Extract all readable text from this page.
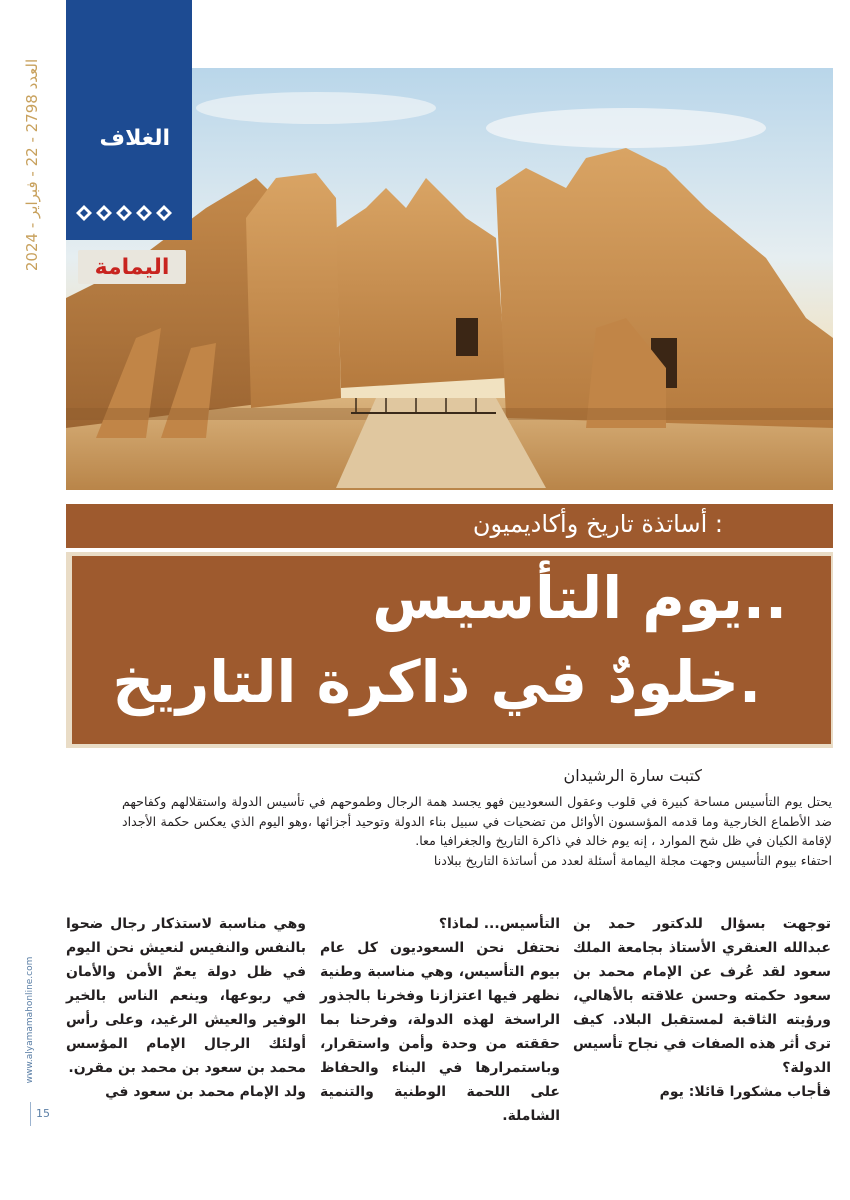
العدد 2798 - 22 - فبراير - 2024
www.alyamamahonline.com
15
الغلاف
اليمامة
أساتذة تاريخ وأكاديميون :
يوم التأسيس..
خلودٌ في ذاكرة التاريخ.
كتبت سارة الرشيدان

يحتل يوم التأسيس مساحة كبيرة في قلوب وعقول السعوديين فهو يجسد همة الرجال وطموحهم في تأسيس الدولة واستقلالهم وكفاحهم ضد الأطماع الخارجية وما قدمه المؤسسون الأوائل من تضحيات في سبيل بناء الدولة وتوحيد أجزائها ،وهو اليوم الذي يعكس حكمة الأجداد لإقامة الكيان في ظل شح الموارد ، إنه يوم خالد في ذاكرة التاريخ والجغرافيا معا.

احتفاء بيوم التأسيس وجهت مجلة اليمامة أسئلة لعدد من أساتذة التاريخ ببلادنا

توجهت بسؤال للدكتور حمد بن عبدالله العنقري الأستاذ بجامعة الملك سعود لقد عُرف عن الإمام محمد بن سعود حكمته وحسن علاقته بالأهالي، ورؤيته الثاقبة لمستقبل البلاد. كيف ترى أثر هذه الصفات في نجاح تأسيس الدولة؟

فأجاب مشكورا قائلا: يوم

التأسيس... لماذا؟

نحتفل نحن السعوديون كل عام بيوم التأسيس، وهي مناسبة وطنية نظهر فيها اعتزازنا وفخرنا بالجذور الراسخة لهذه الدولة، وفرحنا بما حققته من وحدة وأمن واستقرار، وباستمرارها في البناء والحفاظ على اللحمة الوطنية والتنمية الشاملة.

وهي مناسبة لاستذكار رجال ضحوا بالنفس والنفيس لنعيش نحن اليوم في ظل دولة يعمّ الأمن والأمان في ربوعها، وينعم الناس بالخير الوفير والعيش الرغيد، وعلى رأس أولئك الرجال الإمام المؤسس محمد بن سعود بن محمد بن مقرن.

ولد الإمام محمد بن سعود في
